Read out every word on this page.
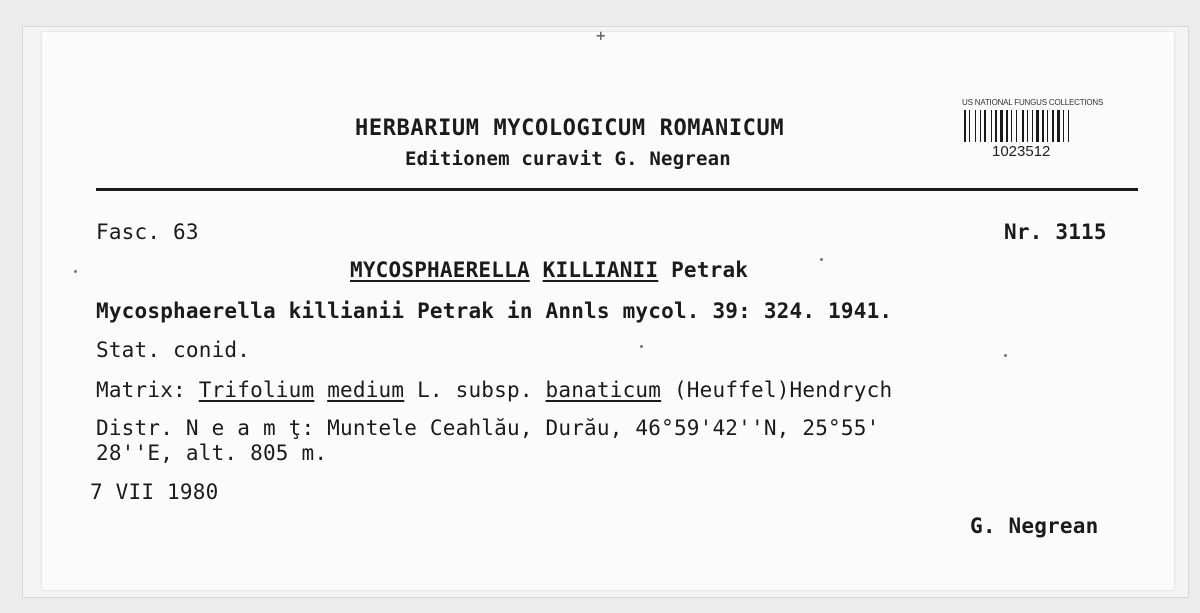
+
HERBARIUM MYCOLOGICUM ROMANICUM
Editionem curavit G. Negrean
US NATIONAL FUNGUS COLLECTIONS
1023512
Fasc. 63	Nr. 3115
MYCOSPHAERELLA KILLIANII Petrak
Mycosphaerella killianii Petrak in Annls mycol. 39: 324. 1941.
Stat. conid.
Matrix: Trifolium medium L. subsp. banaticum (Heuffel)Hendrych
Distr. N e a m ţ: Muntele Ceahlău, Durău, 46°59'42''N, 25°55'
28''E, alt. 805 m.
7 VII 1980
G. Negrean
